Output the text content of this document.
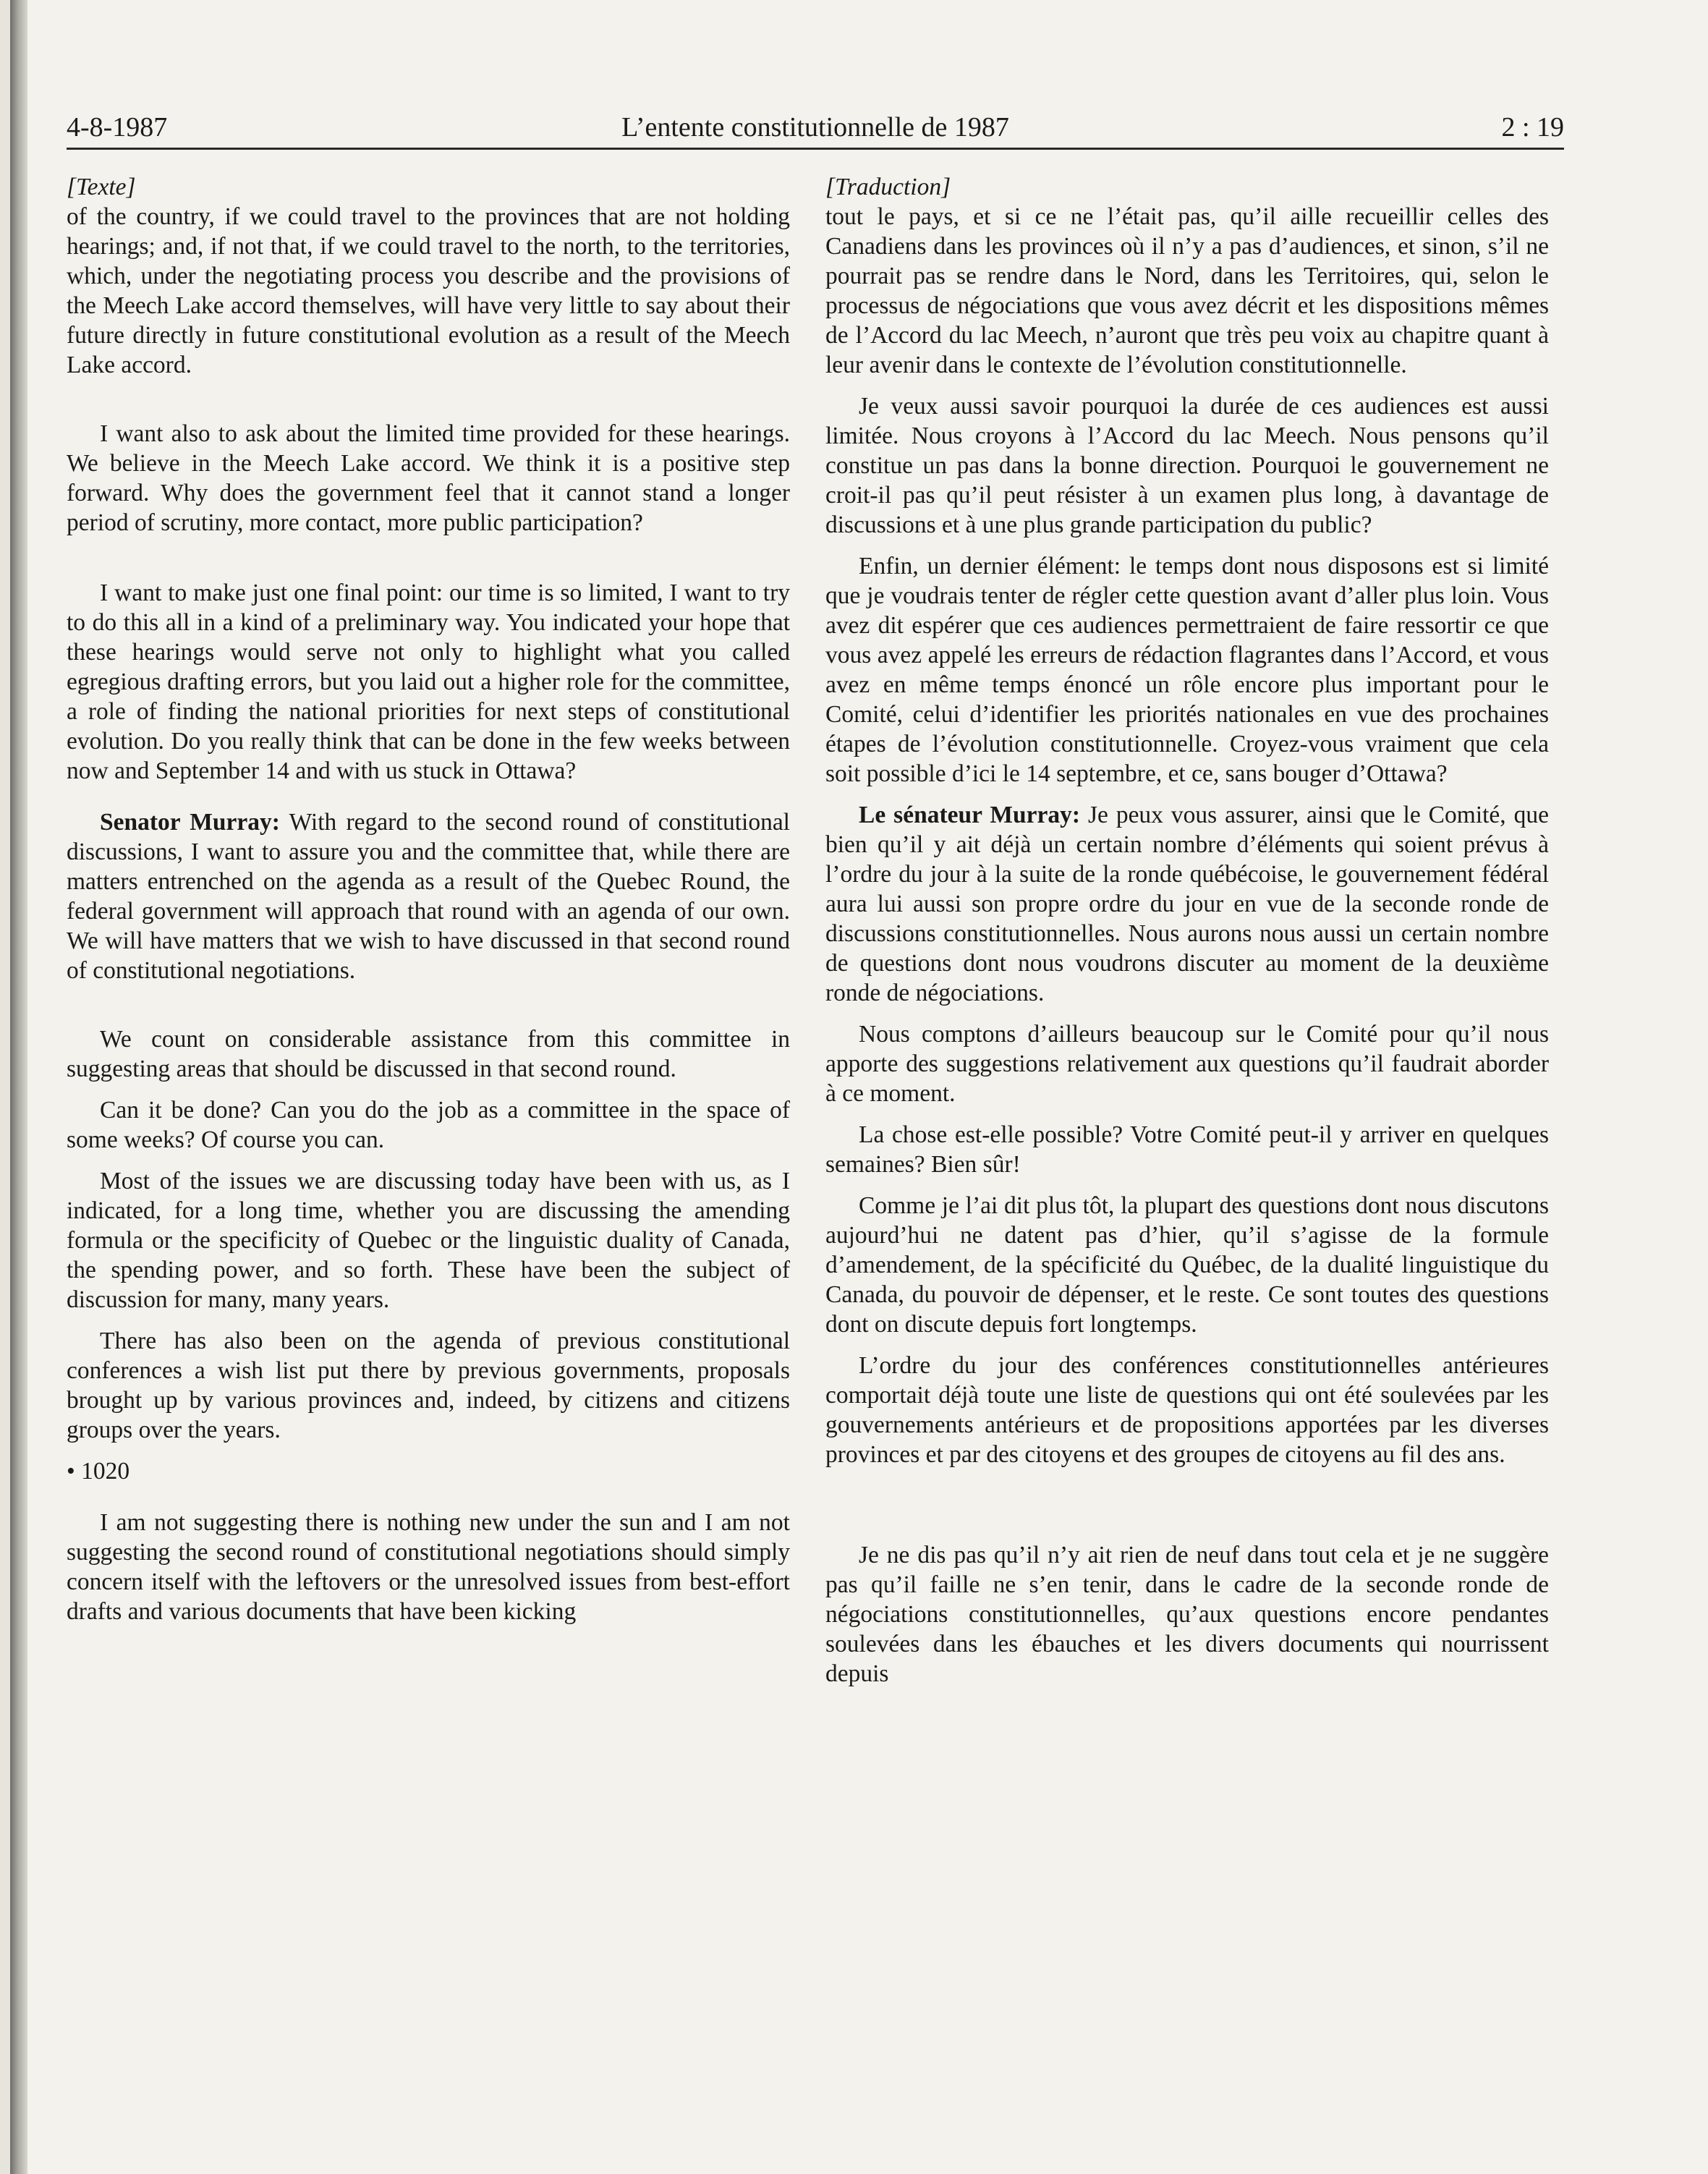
4-8-1987	L’entente constitutionnelle de 1987	2 : 19

[Texte]

of the country, if we could travel to the provinces that are not holding hearings; and, if not that, if we could travel to the north, to the territories, which, under the negotiating process you describe and the provisions of the Meech Lake accord themselves, will have very little to say about their future directly in future constitutional evolution as a result of the Meech Lake accord.

I want also to ask about the limited time provided for these hearings. We believe in the Meech Lake accord. We think it is a positive step forward. Why does the government feel that it cannot stand a longer period of scrutiny, more contact, more public participation?

I want to make just one final point: our time is so limited, I want to try to do this all in a kind of a preliminary way. You indicated your hope that these hearings would serve not only to highlight what you called egregious drafting errors, but you laid out a higher role for the committee, a role of finding the national priorities for next steps of constitutional evolution. Do you really think that can be done in the few weeks between now and September 14 and with us stuck in Ottawa?

Senator Murray: With regard to the second round of constitutional discussions, I want to assure you and the committee that, while there are matters entrenched on the agenda as a result of the Quebec Round, the federal government will approach that round with an agenda of our own. We will have matters that we wish to have discussed in that second round of constitutional negotiations.

We count on considerable assistance from this committee in suggesting areas that should be discussed in that second round.

Can it be done? Can you do the job as a committee in the space of some weeks? Of course you can.

Most of the issues we are discussing today have been with us, as I indicated, for a long time, whether you are discussing the amending formula or the specificity of Quebec or the linguistic duality of Canada, the spending power, and so forth. These have been the subject of discussion for many, many years.

There has also been on the agenda of previous constitutional conferences a wish list put there by previous governments, proposals brought up by various provinces and, indeed, by citizens and citizens groups over the years.

• 1020

I am not suggesting there is nothing new under the sun and I am not suggesting the second round of constitutional negotiations should simply concern itself with the leftovers or the unresolved issues from best-effort drafts and various documents that have been kicking

[Traduction]

tout le pays, et si ce ne l’était pas, qu’il aille recueillir celles des Canadiens dans les provinces où il n’y a pas d’audiences, et sinon, s’il ne pourrait pas se rendre dans le Nord, dans les Territoires, qui, selon le processus de négociations que vous avez décrit et les dispositions mêmes de l’Accord du lac Meech, n’auront que très peu voix au chapitre quant à leur avenir dans le contexte de l’évolution constitutionnelle.

Je veux aussi savoir pourquoi la durée de ces audiences est aussi limitée. Nous croyons à l’Accord du lac Meech. Nous pensons qu’il constitue un pas dans la bonne direction. Pourquoi le gouvernement ne croit-il pas qu’il peut résister à un examen plus long, à davantage de discussions et à une plus grande participation du public?

Enfin, un dernier élément: le temps dont nous disposons est si limité que je voudrais tenter de régler cette question avant d’aller plus loin. Vous avez dit espérer que ces audiences permettraient de faire ressortir ce que vous avez appelé les erreurs de rédaction flagrantes dans l’Accord, et vous avez en même temps énoncé un rôle encore plus important pour le Comité, celui d’identifier les priorités nationales en vue des prochaines étapes de l’évolution constitutionnelle. Croyez-vous vraiment que cela soit possible d’ici le 14 septembre, et ce, sans bouger d’Ottawa?

Le sénateur Murray: Je peux vous assurer, ainsi que le Comité, que bien qu’il y ait déjà un certain nombre d’éléments qui soient prévus à l’ordre du jour à la suite de la ronde québécoise, le gouvernement fédéral aura lui aussi son propre ordre du jour en vue de la seconde ronde de discussions constitutionnelles. Nous aurons nous aussi un certain nombre de questions dont nous voudrons discuter au moment de la deuxième ronde de négociations.

Nous comptons d’ailleurs beaucoup sur le Comité pour qu’il nous apporte des suggestions relativement aux questions qu’il faudrait aborder à ce moment.

La chose est-elle possible? Votre Comité peut-il y arriver en quelques semaines? Bien sûr!

Comme je l’ai dit plus tôt, la plupart des questions dont nous discutons aujourd’hui ne datent pas d’hier, qu’il s’agisse de la formule d’amendement, de la spécificité du Québec, de la dualité linguistique du Canada, du pouvoir de dépenser, et le reste. Ce sont toutes des questions dont on discute depuis fort longtemps.

L’ordre du jour des conférences constitutionnelles antérieures comportait déjà toute une liste de questions qui ont été soulevées par les gouvernements antérieurs et de propositions apportées par les diverses provinces et par des citoyens et des groupes de citoyens au fil des ans.

Je ne dis pas qu’il n’y ait rien de neuf dans tout cela et je ne suggère pas qu’il faille ne s’en tenir, dans le cadre de la seconde ronde de négociations constitutionnelles, qu’aux questions encore pendantes soulevées dans les ébauches et les divers documents qui nourrissent depuis
